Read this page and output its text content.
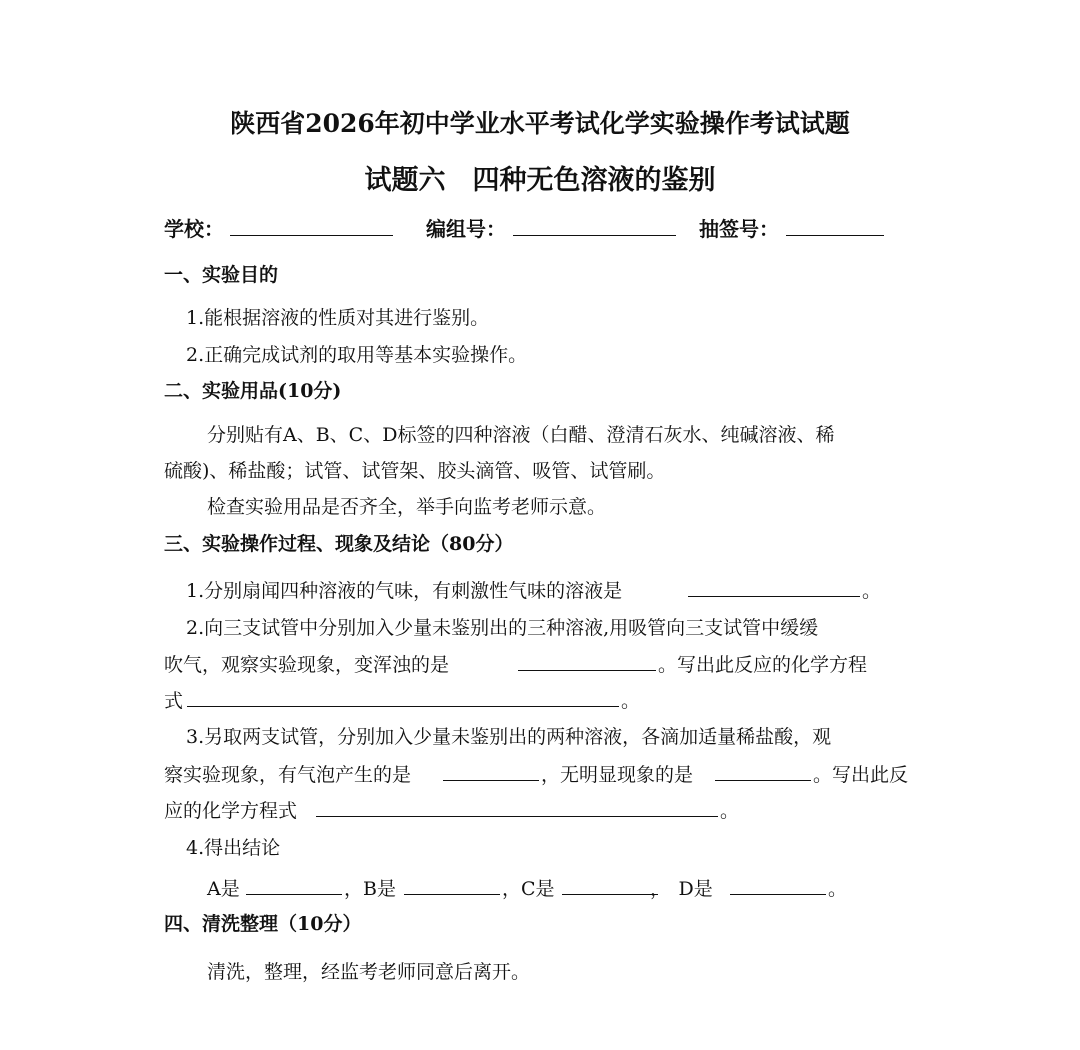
陕西省2026年初中学业水平考试化学实验操作考试试题
试题六　四种无色溶液的鉴别
学校：	编组号：	抽签号：
一、实验目的
1.能根据溶液的性质对其进行鉴别。
2.正确完成试剂的取用等基本实验操作。
二、实验用品(10分)
分别贴有A、B、C、D标签的四种溶液（白醋、澄清石灰水、纯碱溶液、稀
硫酸)、稀盐酸；试管、试管架、胶头滴管、吸管、试管刷。
检查实验用品是否齐全，举手向监考老师示意。
三、实验操作过程、现象及结论（80分）
1.分别扇闻四种溶液的气味，有刺激性气味的溶液是	。
2.向三支试管中分别加入少量未鉴别出的三种溶液,用吸管向三支试管中缓缓
吹气，观察实验现象，变浑浊的是	。写出此反应的化学方程
式	。
3.另取两支试管，分别加入少量未鉴别出的两种溶液，各滴加适量稀盐酸，观
察实验现象，有气泡产生的是	，无明显现象的是	。写出此反
应的化学方程式	。
4.得出结论
A是	，B是	，C是	，　D是	。
四、清洗整理（10分）
清洗，整理，经监考老师同意后离开。
